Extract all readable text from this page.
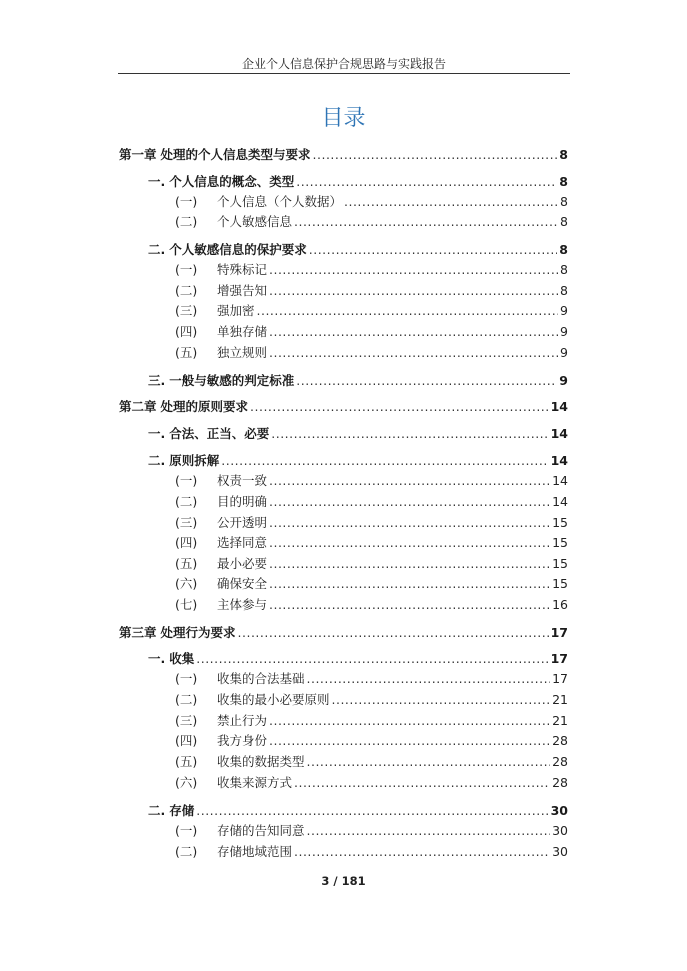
企业个人信息保护合规思路与实践报告
目录
第一章 处理的个人信息类型与要求 .....	8
一. 个人信息的概念、类型 .....	8
(一)	个人信息（个人数据） .....	8
(二)	个人敏感信息 .....	8
二. 个人敏感信息的保护要求 .....	8
(一)	特殊标记 .....	8
(二)	增强告知 .....	8
(三)	强加密 .....	9
(四)	单独存储 .....	9
(五)	独立规则 .....	9
三. 一般与敏感的判定标准 .....	9
第二章 处理的原则要求 .....	14
一. 合法、正当、必要 .....	14
二. 原则拆解 .....	14
(一)	权责一致 .....	14
(二)	目的明确 .....	14
(三)	公开透明 .....	15
(四)	选择同意 .....	15
(五)	最小必要 .....	15
(六)	确保安全 .....	15
(七)	主体参与 .....	16
第三章 处理行为要求 .....	17
一. 收集 .....	17
(一)	收集的合法基础 .....	17
(二)	收集的最小必要原则 .....	21
(三)	禁止行为 .....	21
(四)	我方身份 .....	28
(五)	收集的数据类型 .....	28
(六)	收集来源方式 .....	28
二. 存储 .....	30
(一)	存储的告知同意 .....	30
(二)	存储地域范围 .....	30
3 / 181
